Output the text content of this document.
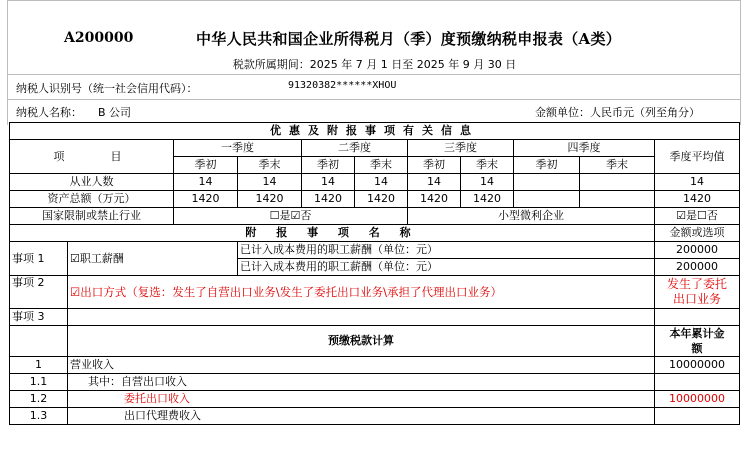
A200000	中华人民共和国企业所得税月（季）度预缴纳税申报表（A类）
税款所属期间：2025 年 7 月 1 日至 2025 年 9 月 30 日
纳税人识别号（统一社会信用代码）：	91320382******XHOU
纳税人名称： B 公司	金额单位：人民币元（列至角分）
优惠及附报事项有关信息										
项　　目		一季度		二季度		三季度		四季度		季度平均值
		季初	季末	季初	季末	季初	季末	季初	季末	
从业人数		14	14	14	14	14	14			14
资产总额（万元）		1420	1420	1420	1420	1420	1420			1420
国家限制或禁止行业		☐是☑否				小型微利企业				☑是☐否
附 报 事 项 名 称										金额或选项
事项 1	☑职工薪酬		已计入成本费用的职工薪酬（单位：元）							200000
			已计入成本费用的职工薪酬（单位：元）							200000
事项 2	☑出口方式（复选：发生了自营出口业务\发生了委托出口业务\承担了代理出口业务）									发生了委托
出口业务

事项 3										
	预缴税款计算									本年累计金
额

1	营业收入									10000000
1.1	其中：自营出口收入									
1.2	委托出口收入									10000000
1.3	出口代理费收入									
